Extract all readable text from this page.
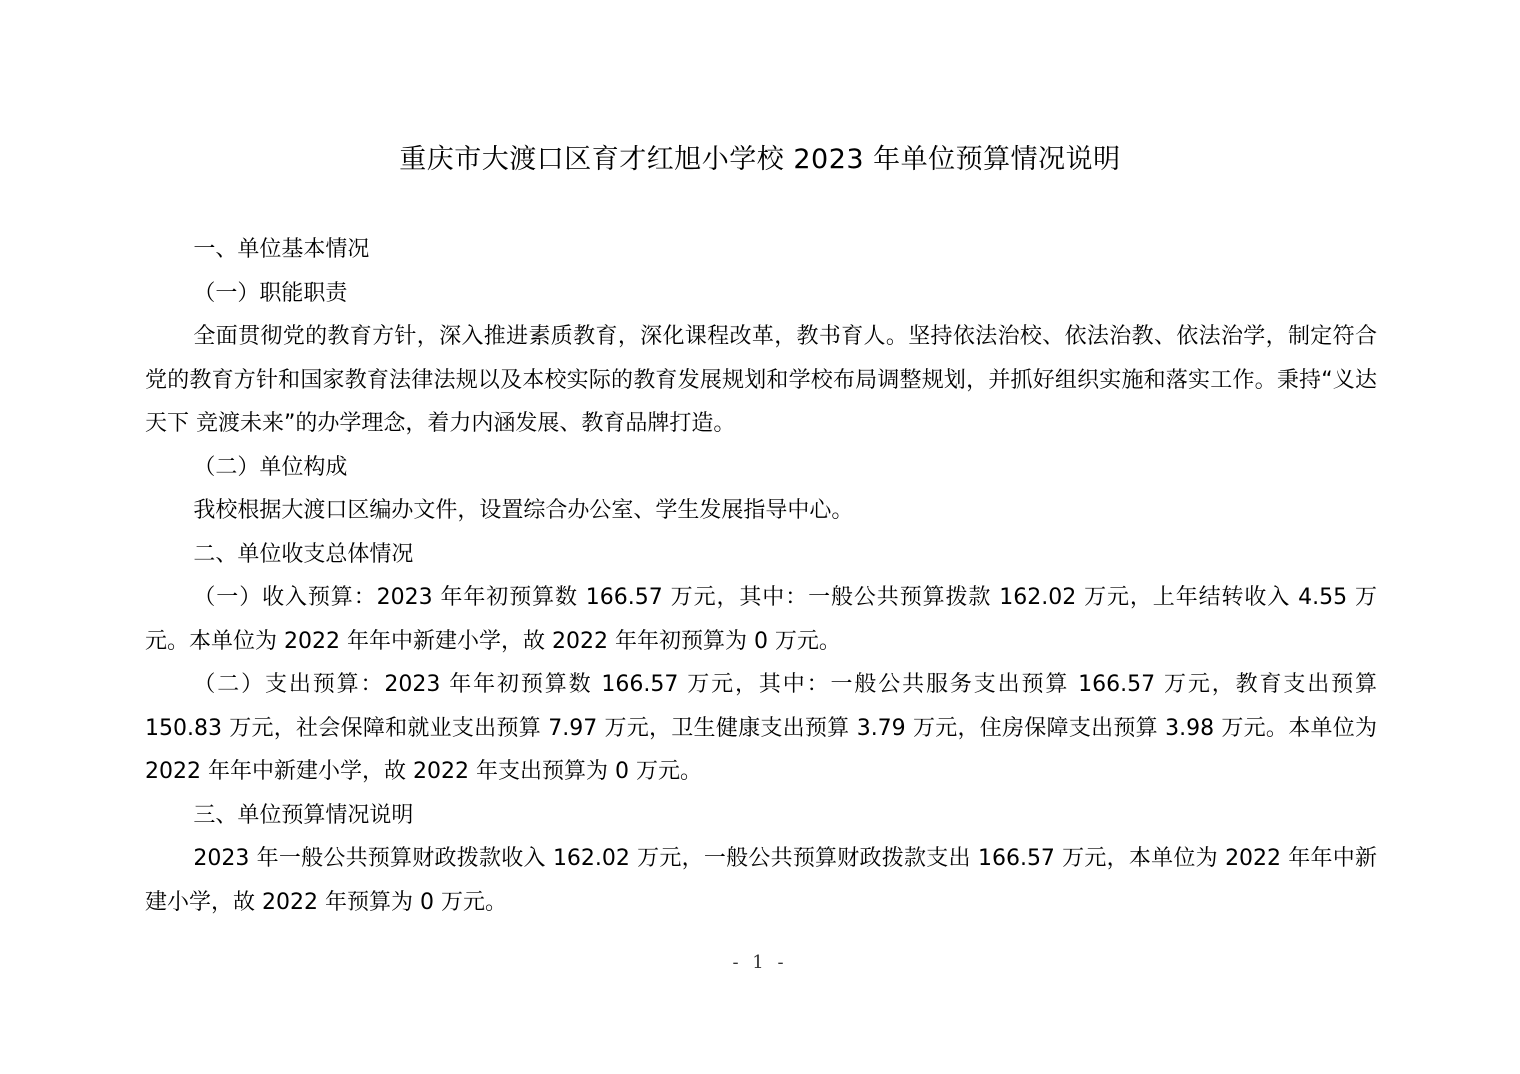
重庆市大渡口区育才红旭小学校 2023 年单位预算情况说明

一、单位基本情况

（一）职能职责

全面贯彻党的教育方针，深入推进素质教育，深化课程改革，教书育人。坚持依法治校、依法治教、依法治学，制定符合党的教育方针和国家教育法律法规以及本校实际的教育发展规划和学校布局调整规划，并抓好组织实施和落实工作。秉持“义达天下 竞渡未来”的办学理念，着力内涵发展、教育品牌打造。

（二）单位构成

我校根据大渡口区编办文件，设置综合办公室、学生发展指导中心。

二、单位收支总体情况

（一）收入预算：2023 年年初预算数 166.57 万元，其中：一般公共预算拨款 162.02 万元，上年结转收入 4.55 万元。本单位为 2022 年年中新建小学，故 2022 年年初预算为 0 万元。

（二）支出预算：2023 年年初预算数 166.57 万元，其中：一般公共服务支出预算 166.57 万元，教育支出预算 150.83 万元，社会保障和就业支出预算 7.97 万元，卫生健康支出预算 3.79 万元，住房保障支出预算 3.98 万元。本单位为 2022 年年中新建小学，故 2022 年支出预算为 0 万元。

三、单位预算情况说明

2023 年一般公共预算财政拨款收入 162.02 万元，一般公共预算财政拨款支出 166.57 万元，本单位为 2022 年年中新建小学，故 2022 年预算为 0 万元。

- 1 -
